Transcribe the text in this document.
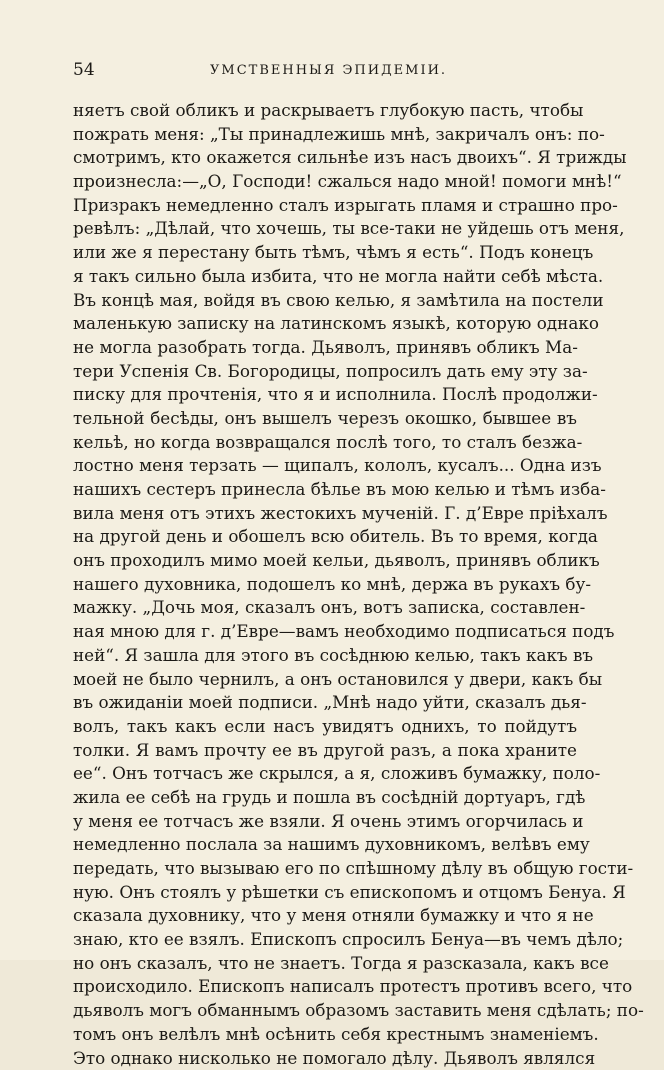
54	УМСТВЕННЫЯ ЭПИДЕМІИ.
няетъ свой обликъ и раскрываетъ глубокую пасть, чтобы
пожрать меня: „Ты принадлежишь мнѣ, закричалъ онъ: по-
смотримъ, кто окажется сильнѣе изъ насъ двоихъ“. Я трижды
произнесла:—„О, Господи! сжалься надо мной! помоги мнѣ!“
Призракъ немедленно сталъ изрыгать пламя и страшно про-
ревѣлъ: „Дѣлай, что хочешь, ты все-таки не уйдешь отъ меня,
или же я перестану быть тѣмъ, чѣмъ я есть“. Подъ конецъ
я такъ сильно была избита, что не могла найти себѣ мѣста.
Въ концѣ мая, войдя въ свою келью, я замѣтила на постели
маленькую записку на латинскомъ языкѣ, которую однако
не могла разобрать тогда. Дьяволъ, принявъ обликъ Ма-
тери Успенія Св. Богородицы, попросилъ дать ему эту за-
писку для прочтенія, что я и исполнила. Послѣ продолжи-
тельной бесѣды, онъ вышелъ черезъ окошко, бывшее въ
кельѣ, но когда возвращался послѣ того, то сталъ безжа-
лостно меня терзать — щипалъ, кололъ, кусалъ... Одна изъ
нашихъ сестеръ принесла бѣлье въ мою келью и тѣмъ изба-
вила меня отъ этихъ жестокихъ мученій. Г. д’Евре пріѣхалъ
на другой день и обошелъ всю обитель. Въ то время, когда
онъ проходилъ мимо моей кельи, дьяволъ, принявъ обликъ
нашего духовника, подошелъ ко мнѣ, держа въ рукахъ бу-
мажку. „Дочь моя, сказалъ онъ, вотъ записка, составлен-
ная мною для г. д’Евре—вамъ необходимо подписаться подъ
ней“. Я зашла для этого въ сосѣднюю келью, такъ какъ въ
моей не было чернилъ, а онъ остановился у двери, какъ бы
въ ожиданіи моей подписи. „Мнѣ надо уйти, сказалъ дья-
волъ, такъ какъ если насъ увидятъ однихъ, то пойдутъ
толки. Я вамъ прочту ее въ другой разъ, а пока храните
ее“. Онъ тотчасъ же скрылся, а я, сложивъ бумажку, поло-
жила ее себѣ на грудь и пошла въ сосѣдній дортуаръ, гдѣ
у меня ее тотчасъ же взяли. Я очень этимъ огорчилась и
немедленно послала за нашимъ духовникомъ, велѣвъ ему
передать, что вызываю его по спѣшному дѣлу въ общую гости-
ную. Онъ стоялъ у рѣшетки съ епископомъ и отцомъ Бенуа. Я
сказала духовнику, что у меня отняли бумажку и что я не
знаю, кто ее взялъ. Епископъ спросилъ Бенуа—въ чемъ дѣло;
но онъ сказалъ, что не знаетъ. Тогда я разсказала, какъ все
происходило. Епископъ написалъ протестъ противъ всего, что
дьяволъ могъ обманнымъ образомъ заставить меня сдѣлать; по-
томъ онъ велѣлъ мнѣ осѣнить себя крестнымъ знаменіемъ.
Это однако нисколько не помогало дѣлу. Дьяволъ являлся
